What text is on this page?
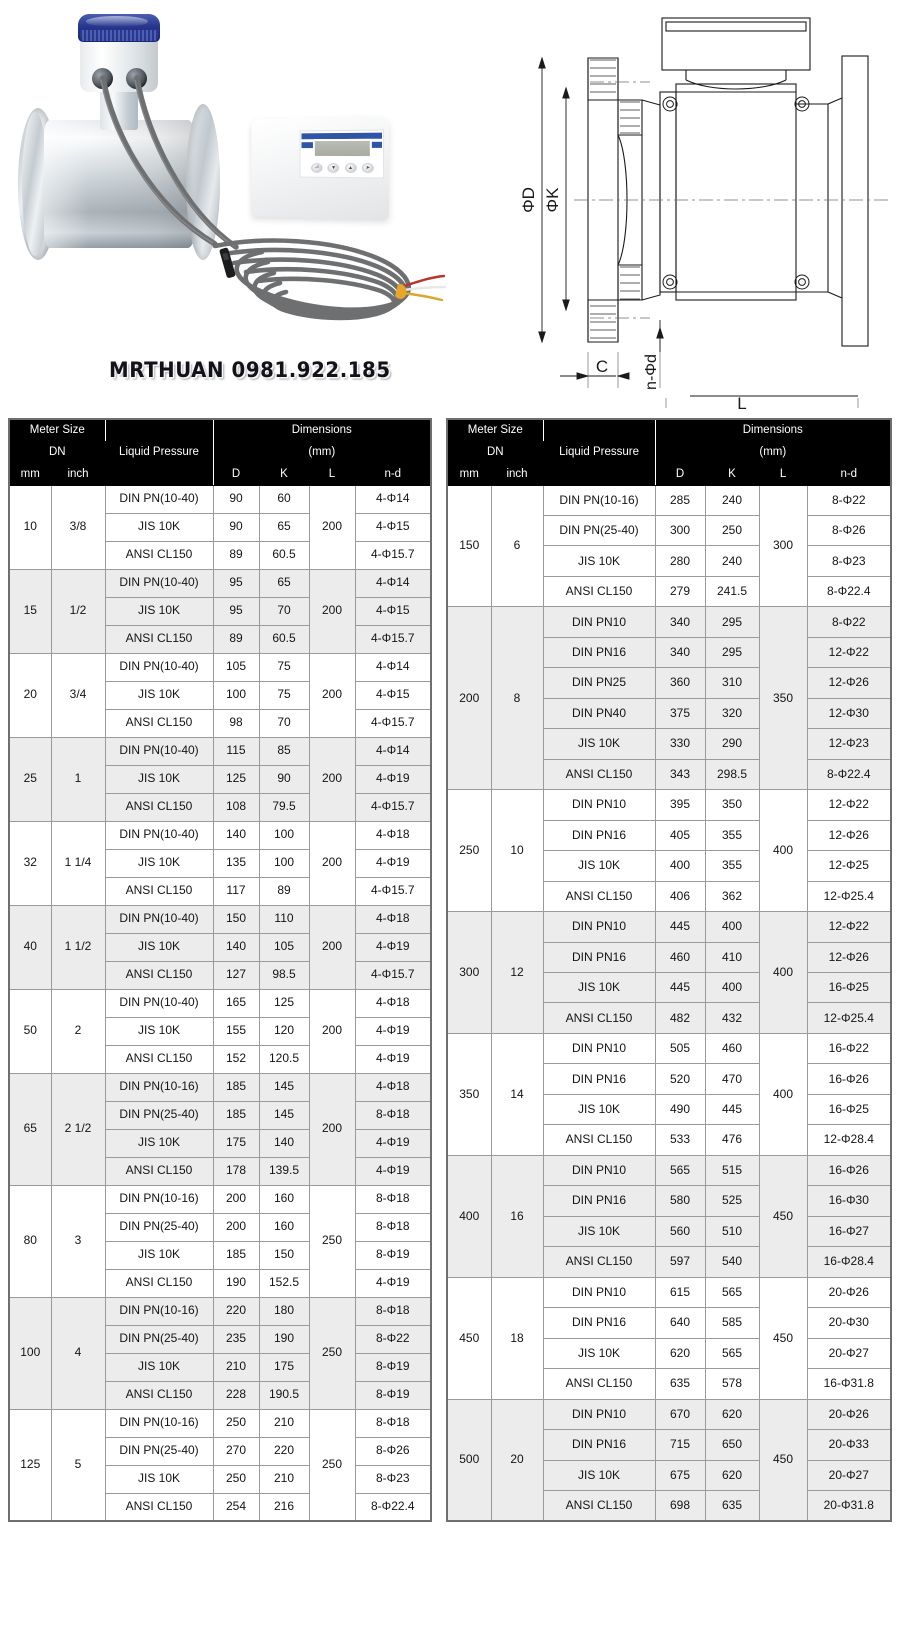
⏎	▼	▲	➤
ΦD ΦK
C n-Φd
L
MRTHUAN 0981.922.185
Meter Size		Liquid Pressure	Dimensions			
DN			(mm)			
mm	inch		D	K	L	n-d
10	3/8	DIN PN(10-40)	90	60	200	4-Φ14
		JIS 10K	90	65		4-Φ15
		ANSI CL150	89	60.5		4-Φ15.7
15	1/2	DIN PN(10-40)	95	65	200	4-Φ14
		JIS 10K	95	70		4-Φ15
		ANSI CL150	89	60.5		4-Φ15.7
20	3/4	DIN PN(10-40)	105	75	200	4-Φ14
		JIS 10K	100	75		4-Φ15
		ANSI CL150	98	70		4-Φ15.7
25	1	DIN PN(10-40)	115	85	200	4-Φ14
		JIS 10K	125	90		4-Φ19
		ANSI CL150	108	79.5		4-Φ15.7
32	1 1/4	DIN PN(10-40)	140	100	200	4-Φ18
		JIS 10K	135	100		4-Φ19
		ANSI CL150	117	89		4-Φ15.7
40	1 1/2	DIN PN(10-40)	150	110	200	4-Φ18
		JIS 10K	140	105		4-Φ19
		ANSI CL150	127	98.5		4-Φ15.7
50	2	DIN PN(10-40)	165	125	200	4-Φ18
		JIS 10K	155	120		4-Φ19
		ANSI CL150	152	120.5		4-Φ19
65	2 1/2	DIN PN(10-16)	185	145	200	4-Φ18
		DIN PN(25-40)	185	145		8-Φ18
		JIS 10K	175	140		4-Φ19
		ANSI CL150	178	139.5		4-Φ19
80	3	DIN PN(10-16)	200	160	250	8-Φ18
		DIN PN(25-40)	200	160		8-Φ18
		JIS 10K	185	150		8-Φ19
		ANSI CL150	190	152.5		4-Φ19
100	4	DIN PN(10-16)	220	180	250	8-Φ18
		DIN PN(25-40)	235	190		8-Φ22
		JIS 10K	210	175		8-Φ19
		ANSI CL150	228	190.5		8-Φ19
125	5	DIN PN(10-16)	250	210	250	8-Φ18
		DIN PN(25-40)	270	220		8-Φ26
		JIS 10K	250	210		8-Φ23
		ANSI CL150	254	216		8-Φ22.4
Meter Size		Liquid Pressure	Dimensions			
DN			(mm)			
mm	inch		D	K	L	n-d
150	6	DIN PN(10-16)	285	240	300	8-Φ22
		DIN PN(25-40)	300	250		8-Φ26
		JIS 10K	280	240		8-Φ23
		ANSI CL150	279	241.5		8-Φ22.4
200	8	DIN PN10	340	295	350	8-Φ22
		DIN PN16	340	295		12-Φ22
		DIN PN25	360	310		12-Φ26
		DIN PN40	375	320		12-Φ30
		JIS 10K	330	290		12-Φ23
		ANSI CL150	343	298.5		8-Φ22.4
250	10	DIN PN10	395	350	400	12-Φ22
		DIN PN16	405	355		12-Φ26
		JIS 10K	400	355		12-Φ25
		ANSI CL150	406	362		12-Φ25.4
300	12	DIN PN10	445	400	400	12-Φ22
		DIN PN16	460	410		12-Φ26
		JIS 10K	445	400		16-Φ25
		ANSI CL150	482	432		12-Φ25.4
350	14	DIN PN10	505	460	400	16-Φ22
		DIN PN16	520	470		16-Φ26
		JIS 10K	490	445		16-Φ25
		ANSI CL150	533	476		12-Φ28.4
400	16	DIN PN10	565	515	450	16-Φ26
		DIN PN16	580	525		16-Φ30
		JIS 10K	560	510		16-Φ27
		ANSI CL150	597	540		16-Φ28.4
450	18	DIN PN10	615	565	450	20-Φ26
		DIN PN16	640	585		20-Φ30
		JIS 10K	620	565		20-Φ27
		ANSI CL150	635	578		16-Φ31.8
500	20	DIN PN10	670	620	450	20-Φ26
		DIN PN16	715	650		20-Φ33
		JIS 10K	675	620		20-Φ27
		ANSI CL150	698	635		20-Φ31.8
